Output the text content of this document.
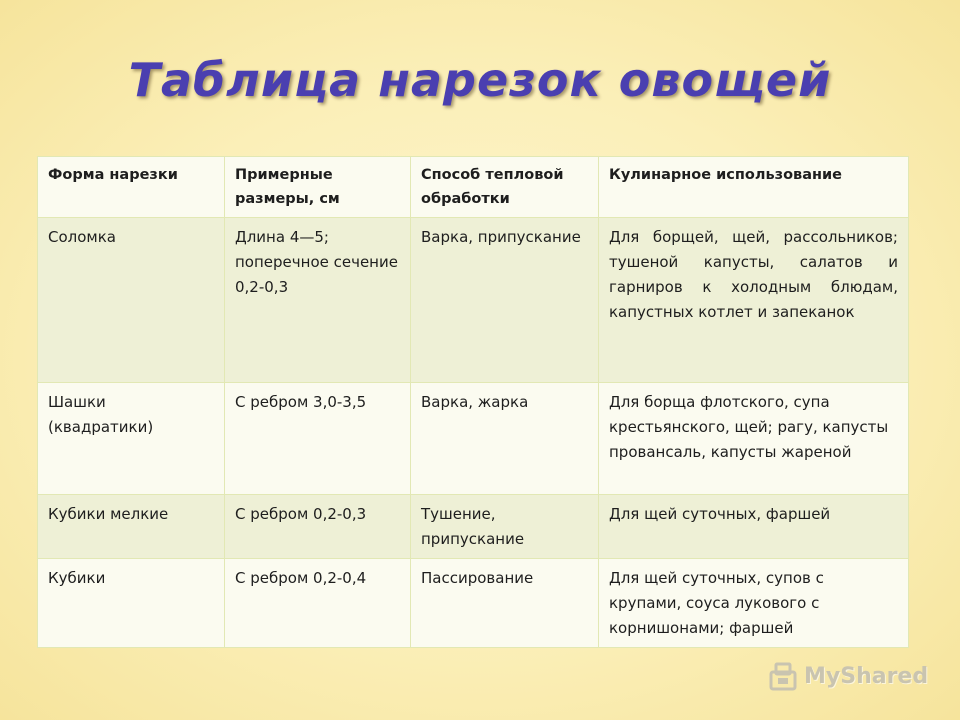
Таблица нарезок овощей
Форма нарезки	Примерные размеры, см	Способ тепловой обработки	Кулинарное использование
Соломка	Длина 4—5; поперечное сечение 0,2-0,3	Варка, припускание	Для борщей, щей, рассольников; тушеной капусты, салатов и гарниров к холодным блюдам, капустных котлет и запеканок
Шашки (квадратики)	С ребром 3,0-3,5	Варка, жарка	Для борща флотского, супа крестьянского, щей; рагу, капусты провансаль, капусты жареной
Кубики мелкие	С ребром 0,2-0,3	Тушение, припускание	Для щей суточных, фаршей
Кубики	С ребром 0,2-0,4	Пассирование	Для щей суточных, супов с крупами, соуса лукового с корнишонами; фаршей
MyShared
